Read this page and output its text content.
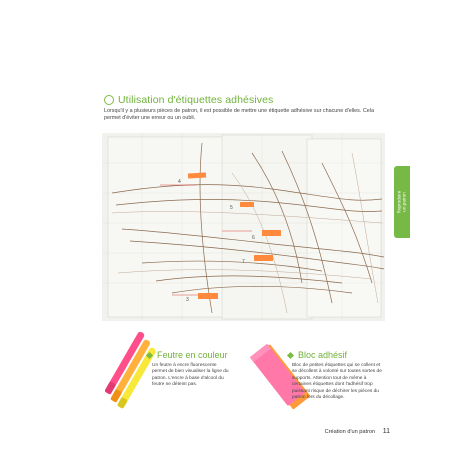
Utilisation d'étiquettes adhésives
Lorsqu'il y a plusieurs pièces de patron, il est possible de mettre une étiquette adhésive sur chacune d'elles. Cela permet d'éviter une erreur ou un oubli.
4
5
6
7
3
Reproduire un patron
Feutre en couleur
Un feutre à encre fluorescente permet de bien visualiser la ligne du patron. L'encre à base d'alcool du feutre ne déteint pas.
Bloc adhésif
Bloc de petites étiquettes qui se collent et se décollent à volonté sur toutes sortes de supports. Attention tout de même à certaines étiquettes dont l'adhésif trop puissant risque de déchirer les pièces du patron lors du décollage.
Création d'un patron 11
